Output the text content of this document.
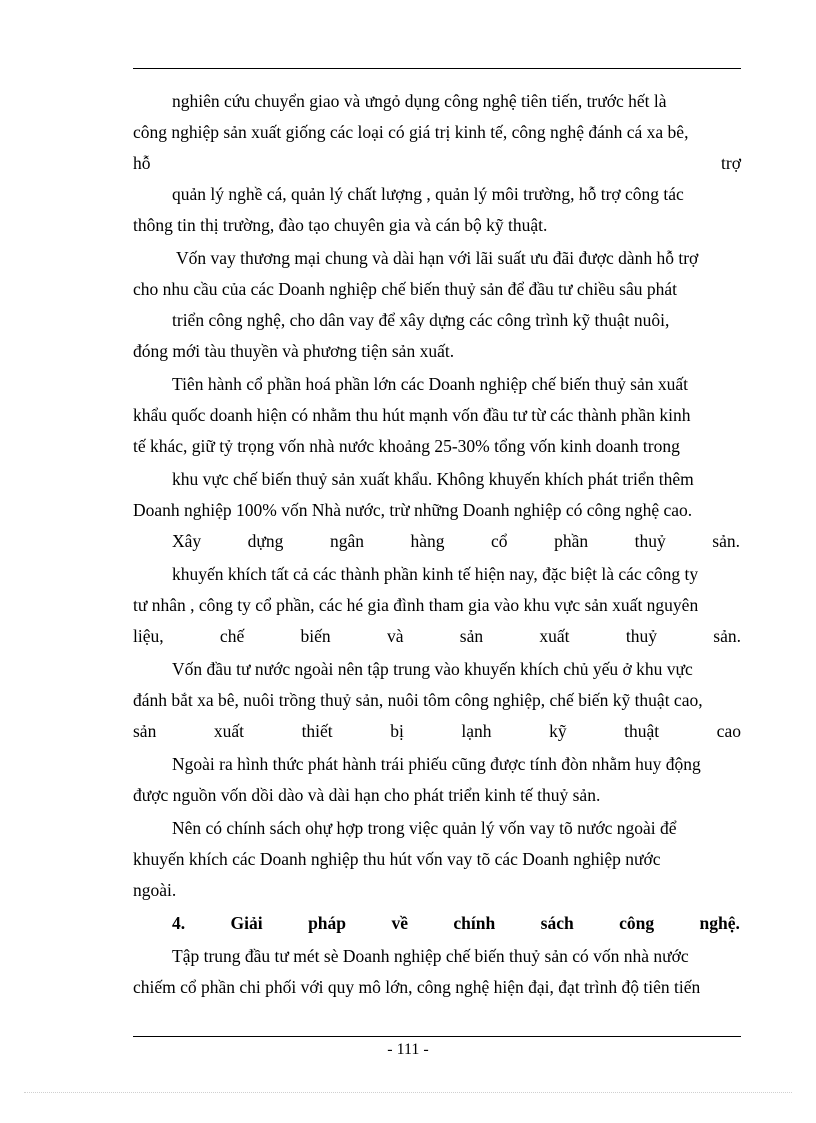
nghiên cứu chuyển giao và ưngỏ dụng công nghệ tiên tiến, trước hết là
công nghiệp sản xuất giống các loại có giá trị kinh tế, công nghệ đánh cá xa bê,
hỗ	trợ
quản lý nghề cá, quản lý chất lượng , quản lý môi trường, hỗ trợ công tác
thông tin thị trường, đào tạo chuyên gia và cán bộ kỹ thuật.
Vốn vay thương mại chung và dài hạn với lãi suất ưu đãi được dành hỗ trợ
cho nhu cầu của các Doanh nghiệp chế biến thuỷ sản để đầu tư chiều sâu phát
triển công nghệ, cho dân vay để xây dựng các công trình kỹ thuật nuôi,
đóng mới tàu thuyền và phương tiện sản xuất.
Tiên hành cổ phần hoá phần lớn các Doanh nghiệp chế biến thuỷ sản xuất
khẩu quốc doanh hiện có nhằm thu hút mạnh vốn đầu tư từ các thành phần kinh
tế khác, giữ tỷ trọng vốn nhà nước khoảng 25-30% tổng vốn kinh doanh trong
khu vực chế biến thuỷ sản xuất khẩu. Không khuyến khích phát triển thêm
Doanh nghiệp 100% vốn Nhà nước, trừ những Doanh nghiệp có công nghệ cao.
Xây	dựng	ngân	hàng	cổ	phần	thuỷ	sản.
khuyến khích tất cả các thành phần kinh tế hiện nay, đặc biệt là các công ty
tư nhân , công ty cổ phần, các hé gia đình tham gia vào khu vực sản xuất nguyên
liệu,	chế	biến	và	sản	xuất	thuỷ	sản.
Vốn đầu tư nước ngoài nên tập trung vào khuyến khích chủ yếu ở khu vực
đánh bắt xa bê, nuôi trồng thuỷ sản, nuôi tôm công nghiệp, chế biến kỹ thuật cao,
sản	xuất	thiết	bị	lạnh	kỹ	thuật	cao
Ngoài ra hình thức phát hành trái phiếu cũng được tính đòn nhằm huy động
được nguồn vốn dồi dào và dài hạn cho phát triển kinh tế thuỷ sản.
Nên có chính sách ohự hợp trong việc quản lý vốn vay tõ nước ngoài để
khuyến khích các Doanh nghiệp thu hút vốn vay tõ các Doanh nghiệp nước
ngoài.
4.	Giải	pháp	về	chính	sách	công	nghệ.
Tập trung đầu tư mét sè Doanh nghiệp chế biến thuỷ sản có vốn nhà nước
chiếm cổ phần chi phối với quy mô lớn, công nghệ hiện đại, đạt trình độ tiên tiến
- 111 -
